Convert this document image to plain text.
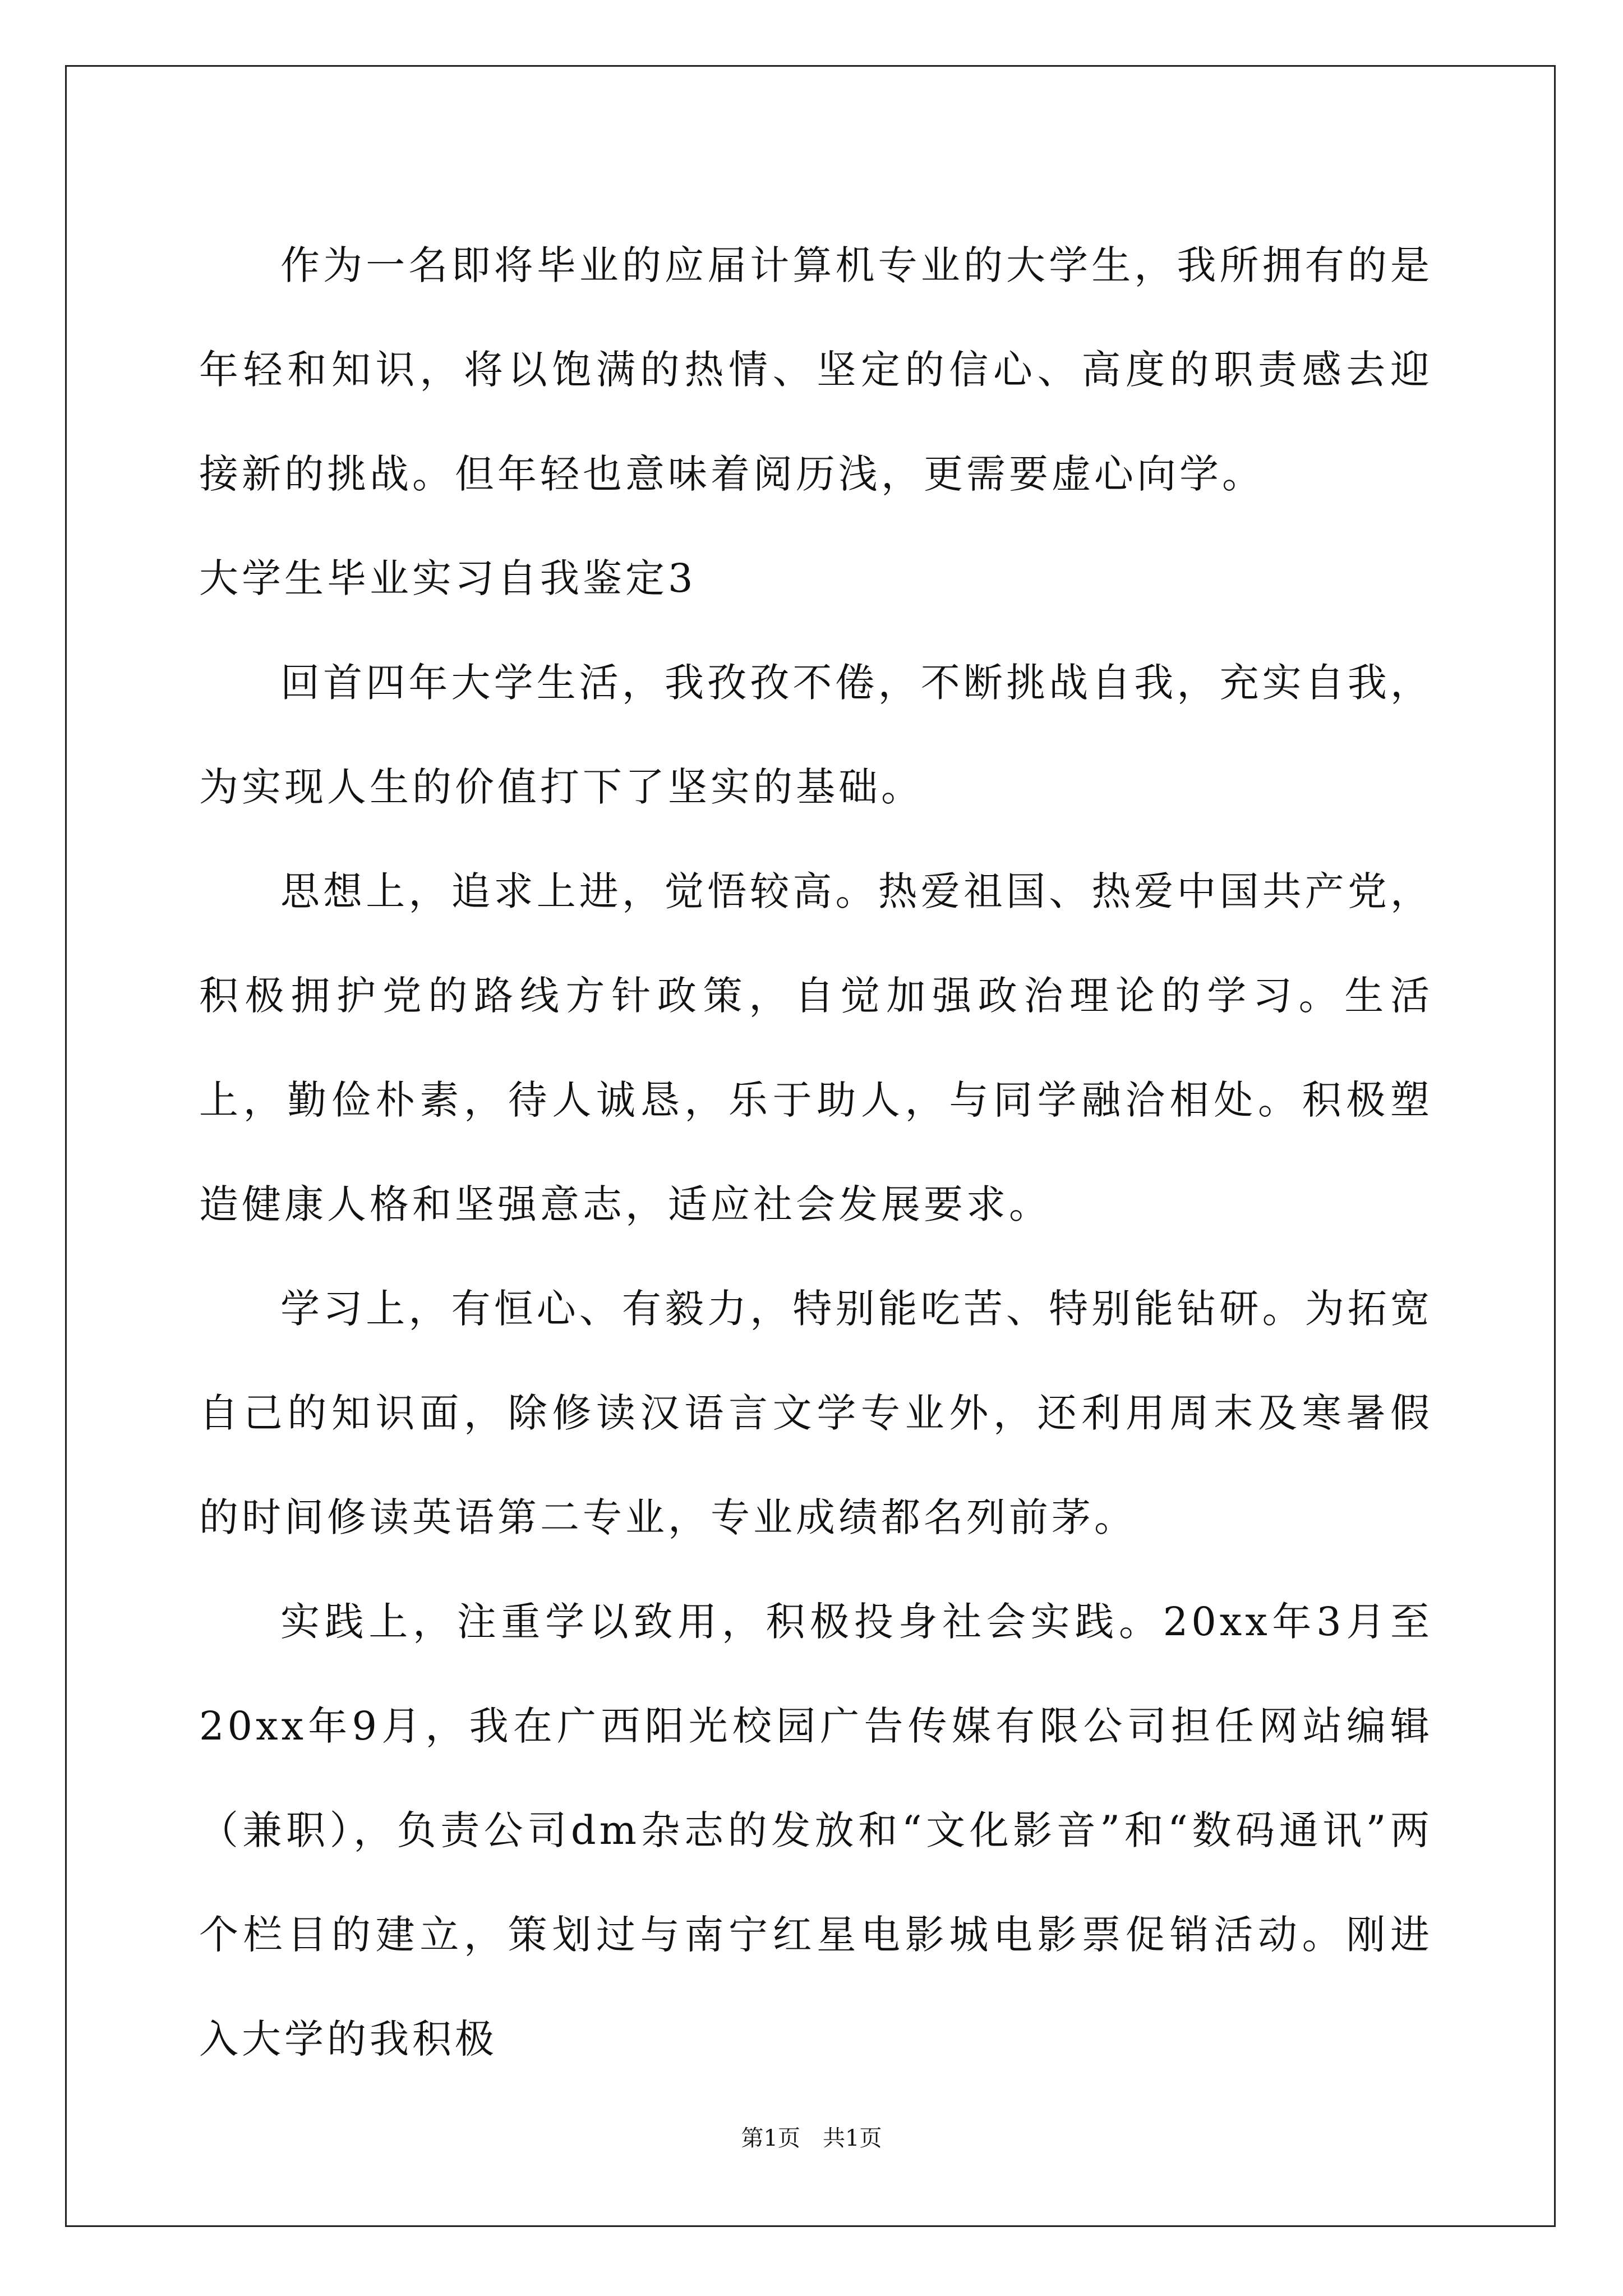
作为一名即将毕业的应届计算机专业的大学生，我所拥有的是年轻和知识，将以饱满的热情、坚定的信心、高度的职责感去迎接新的挑战。但年轻也意味着阅历浅，更需要虚心向学。

大学生毕业实习自我鉴定3

回首四年大学生活，我孜孜不倦，不断挑战自我，充实自我，为实现人生的价值打下了坚实的基础。

思想上，追求上进，觉悟较高。热爱祖国、热爱中国共产党，积极拥护党的路线方针政策，自觉加强政治理论的学习。生活上，勤俭朴素，待人诚恳，乐于助人，与同学融洽相处。积极塑造健康人格和坚强意志，适应社会发展要求。

学习上，有恒心、有毅力，特别能吃苦、特别能钻研。为拓宽自己的知识面，除修读汉语言文学专业外，还利用周末及寒暑假的时间修读英语第二专业，专业成绩都名列前茅。

实践上，注重学以致用，积极投身社会实践。20xx年3月至20xx年9月，我在广西阳光校园广告传媒有限公司担任网站编辑（兼职），负责公司dm杂志的发放和“文化影音”和“数码通讯”两个栏目的建立，策划过与南宁红星电影城电影票促销活动。刚进入大学的我积极

第1页　共1页
